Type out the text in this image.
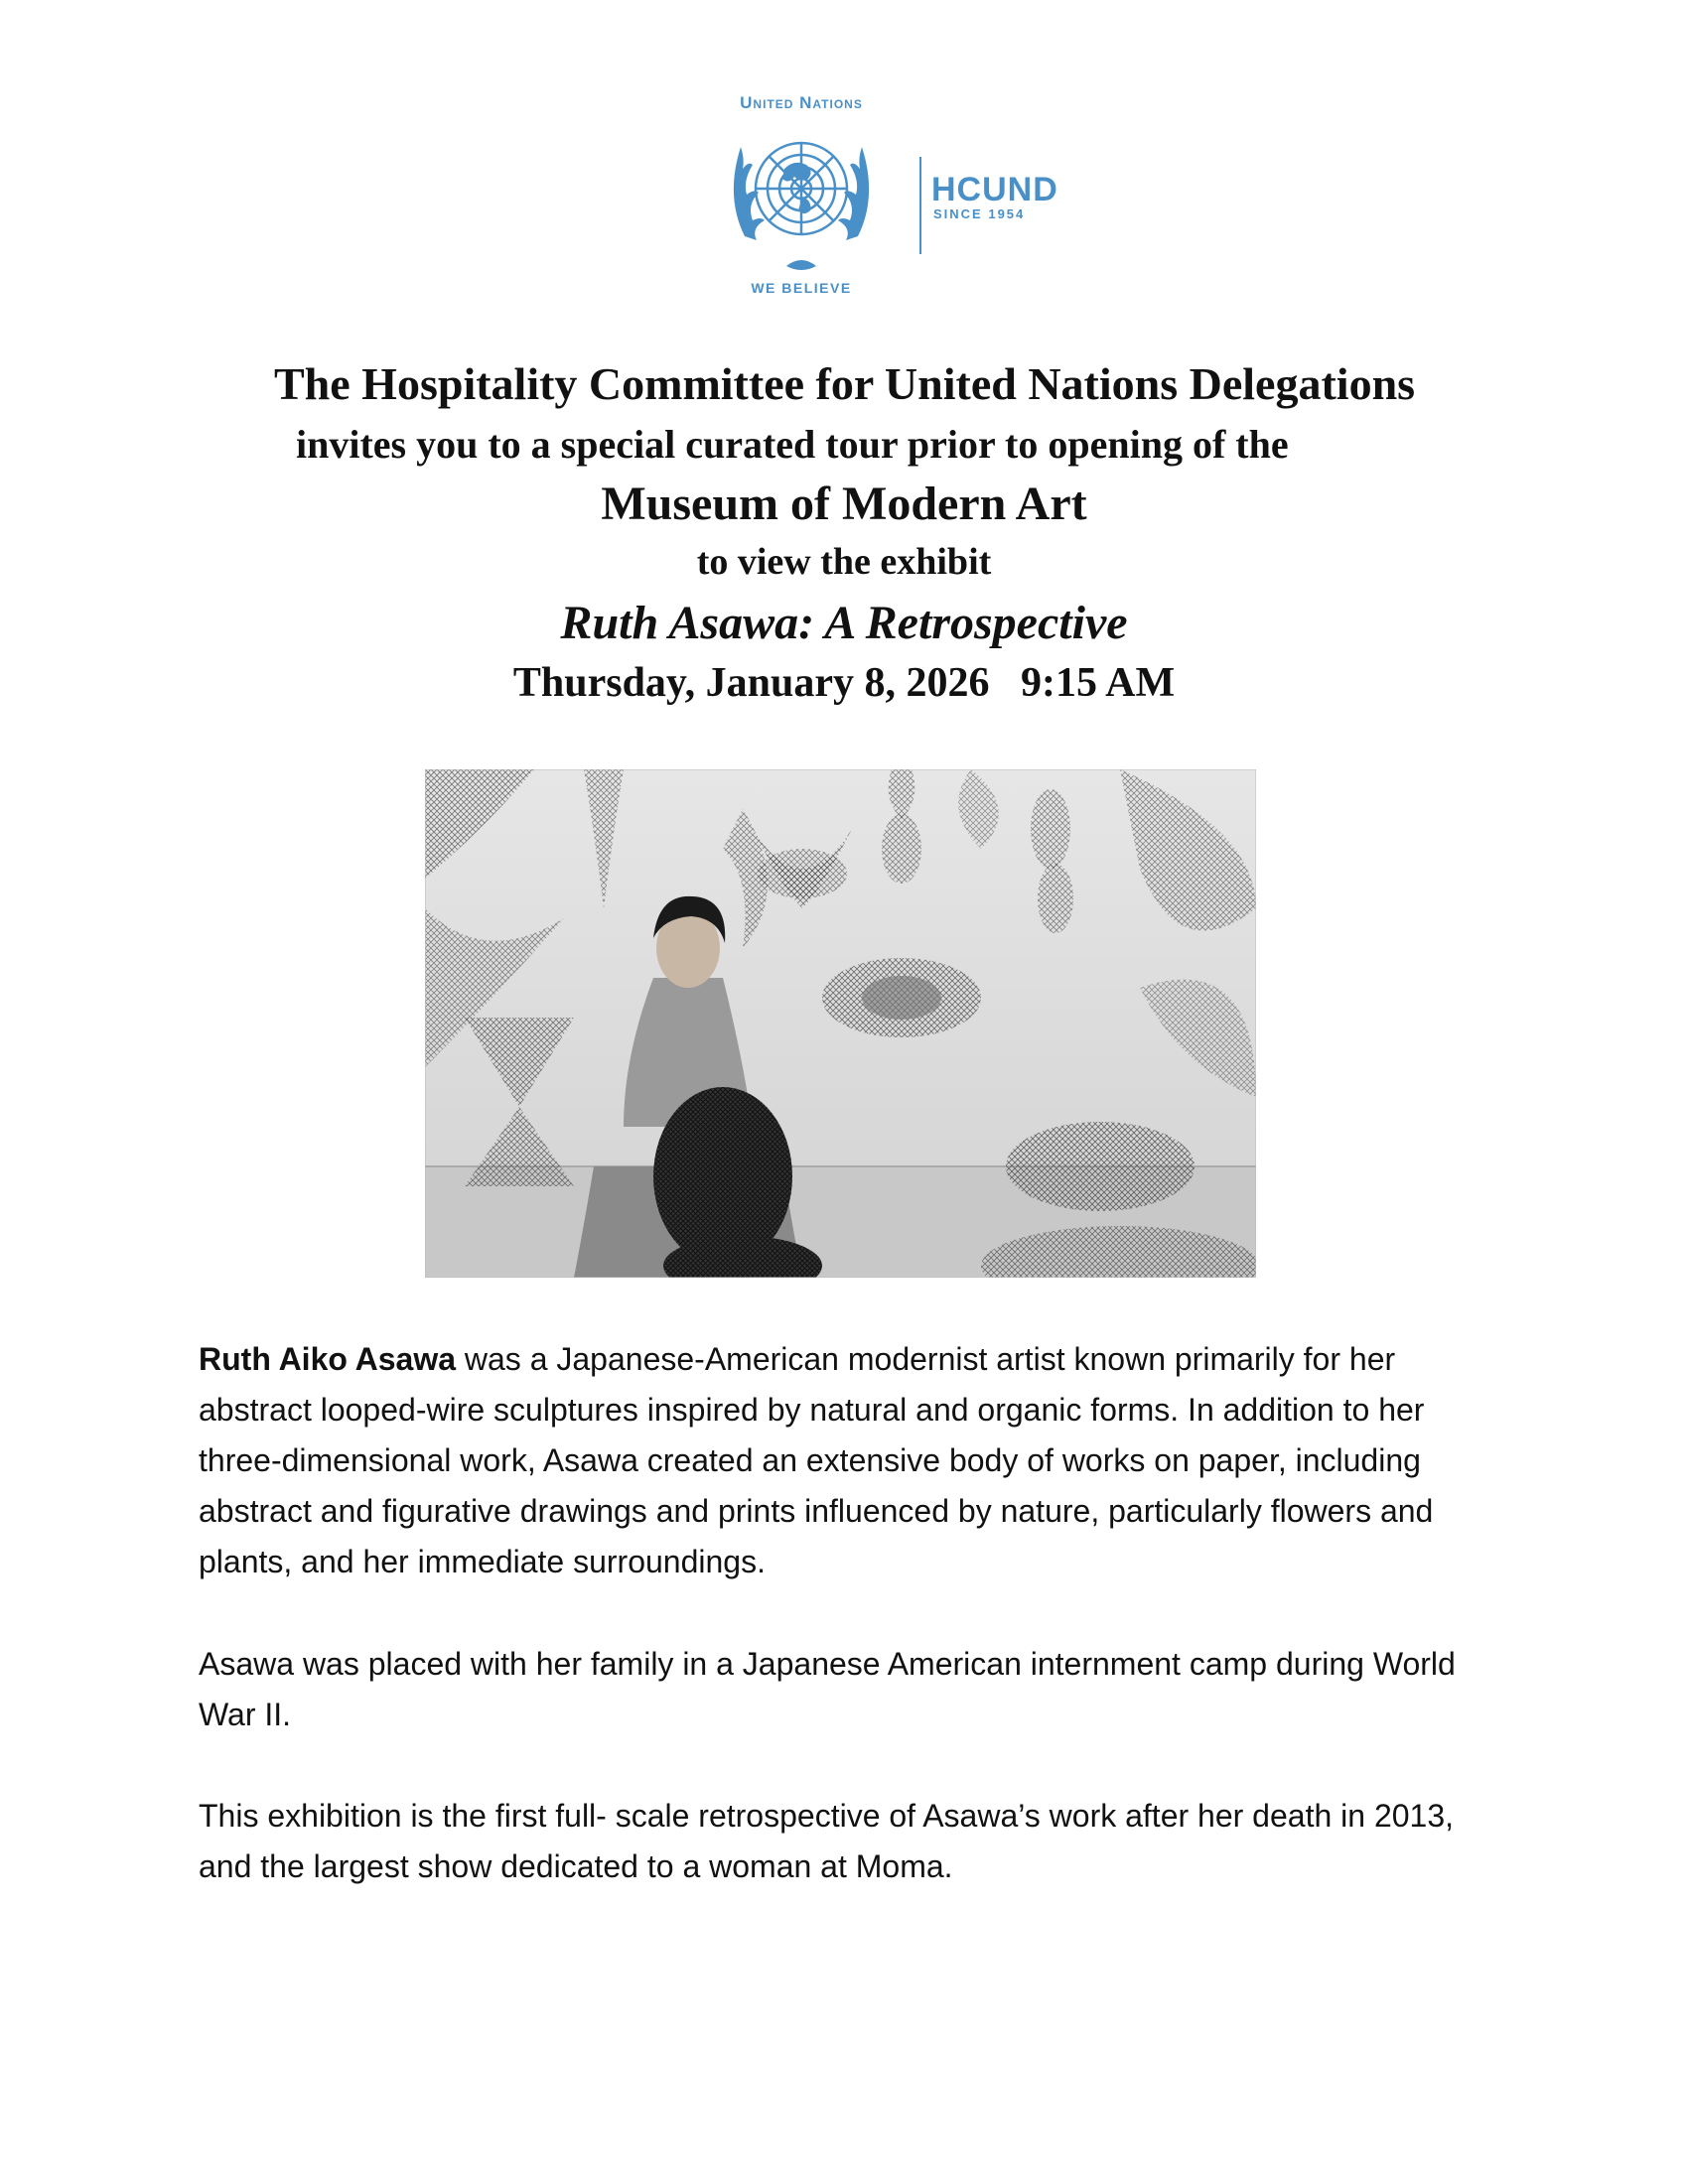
United Nations
WE BELIEVE
HCUND
SINCE 1954
The Hospitality Committee for United Nations Delegations
invites you to a special curated tour prior to opening of the
Museum of Modern Art
to view the exhibit
Ruth Asawa: A Retrospective
Thursday, January 8, 2026 9:15 AM
Ruth Aiko Asawa was a Japanese-American modernist artist known primarily for her abstract looped-wire sculptures inspired by natural and organic forms. In addition to her three-dimensional work, Asawa created an extensive body of works on paper, including abstract and figurative drawings and prints influenced by nature, particularly flowers and plants, and her immediate surroundings.
Asawa was placed with her family in a Japanese American internment camp during World War II.
This exhibition is the first full- scale retrospective of Asawa’s work after her death in 2013, and the largest show dedicated to a woman at Moma.
